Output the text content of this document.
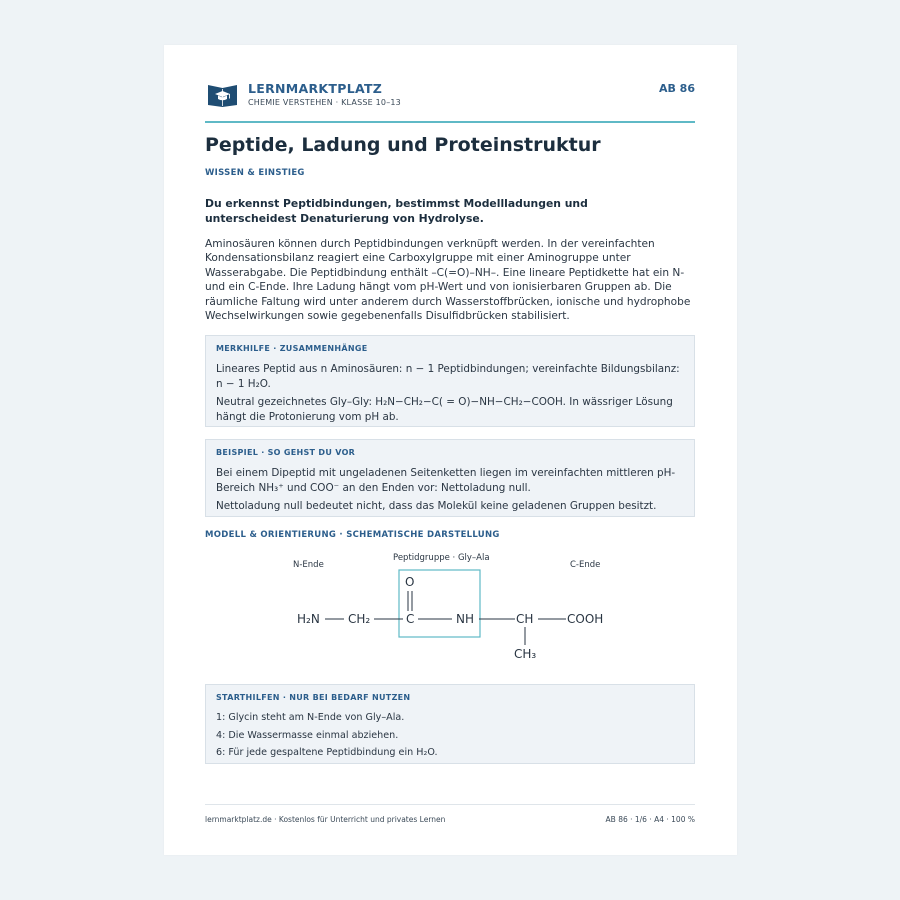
LERNMARKTPLATZ
CHEMIE VERSTEHEN · KLASSE 10–13
AB 86
Peptide, Ladung und Proteinstruktur
WISSEN & EINSTIEG
Du erkennst Peptidbindungen, bestimmst Modellladungen und unterscheidest Denaturierung von Hydrolyse.
Aminosäuren können durch Peptidbindungen verknüpft werden. In der vereinfachten Kondensationsbilanz reagiert eine Carboxylgruppe mit einer Aminogruppe unter Wasserabgabe. Die Peptidbindung enthält –C(=O)–NH–. Eine lineare Peptidkette hat ein N- und ein C-Ende. Ihre Ladung hängt vom pH-Wert und von ionisierbaren Gruppen ab. Die räumliche Faltung wird unter anderem durch Wasserstoffbrücken, ionische und hydrophobe Wechselwirkungen sowie gegebenenfalls Disulfidbrücken stabilisiert.
MERKHILFE · ZUSAMMENHÄNGE

Lineares Peptid aus n Aminosäuren: n − 1 Peptidbindungen; vereinfachte Bildungsbilanz: n − 1 H₂O.

Neutral gezeichnetes Gly–Gly: H₂N−CH₂−C( = O)−NH−CH₂−COOH. In wässriger Lösung hängt die Protonierung vom pH ab.

BEISPIEL · SO GEHST DU VOR

Bei einem Dipeptid mit ungeladenen Seitenketten liegen im vereinfachten mittleren pH-Bereich NH₃⁺ und COO⁻ an den Enden vor: Nettoladung null.

Nettoladung null bedeutet nicht, dass das Molekül keine geladenen Gruppen besitzt.

MODELL & ORIENTIERUNG · SCHEMATISCHE DARSTELLUNG
N-Ende
Peptidgruppe · Gly–Ala
C-Ende
O
H₂N CH₂	C	NH	CH	COOH
CH₃
STARTHILFEN · NUR BEI BEDARF NUTZEN

1: Glycin steht am N-Ende von Gly–Ala.

4: Die Wassermasse einmal abziehen.

6: Für jede gespaltene Peptidbindung ein H₂O.

lernmarktplatz.de · Kostenlos für Unterricht und privates Lernen	AB 86 · 1/6 · A4 · 100 %
